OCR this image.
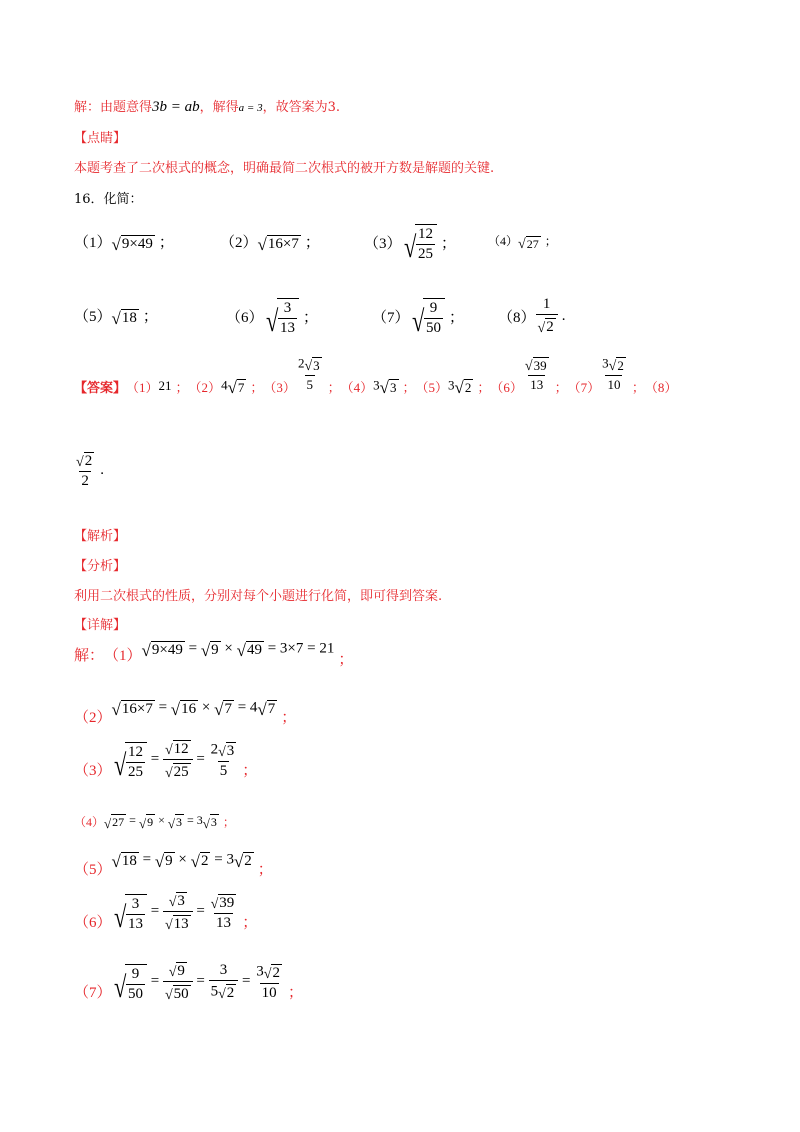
解：由题意得3b = ab，解得a = 3，故答案为3.
【点睛】
本题考查了二次根式的概念，明确最简二次根式的被开方数是解题的关键.
16．化简：
（1） √ 9×49 ；	（2） √ 16×7 ；	（3） √ $\frac{12}{25}$ ；	（4） √ 27 ；
（5） √ 18 ；	（6） √ $\frac{3}{13}$ ；	（7） √ $\frac{9}{50}$ ； $(8) \frac{1}{√ 2}$ .
【答案】 （1） 21 ； （2） 4 √ 7 ； $(3) \frac{2 √ 3}{5}$ ； （4） 3 √ 3 ； （5） 3 √ 2 ； $(6) \frac{√ 39}{13}$ ； $(7) \frac{3 √ 2}{10}$ ； （8）
$\frac{√ 2}{2}$ .
【解析】
【分析】
利用二次根式的性质，分别对每个小题进行化简，即可得到答案.
【详解】
解： （1） √ 9×49 = √ 9 × √ 49 = 3×7 = 21
；
（2） √ 16×7 = √ 16 × √ 7 = 4 √ 7
；
（3） √ $\frac{12}{25} = \frac{√ 12}{√ 25} = \frac{2 √ 3}{5}$ ；
（4） √ 27 = √ 9 × √ 3 = 3 √ 3 ；
（5） √ 18 = √ 9 × √ 2 = 3 √ 2
；
（6） √ $\frac{3}{13} = \frac{√ 3}{√ 13} = \frac{√ 39}{13}$ ；
（7） √ $\frac{9}{50} = \frac{√ 9}{√ 50} = \frac{3}{5 √ 2} = \frac{3 √ 2}{10}$ ；
